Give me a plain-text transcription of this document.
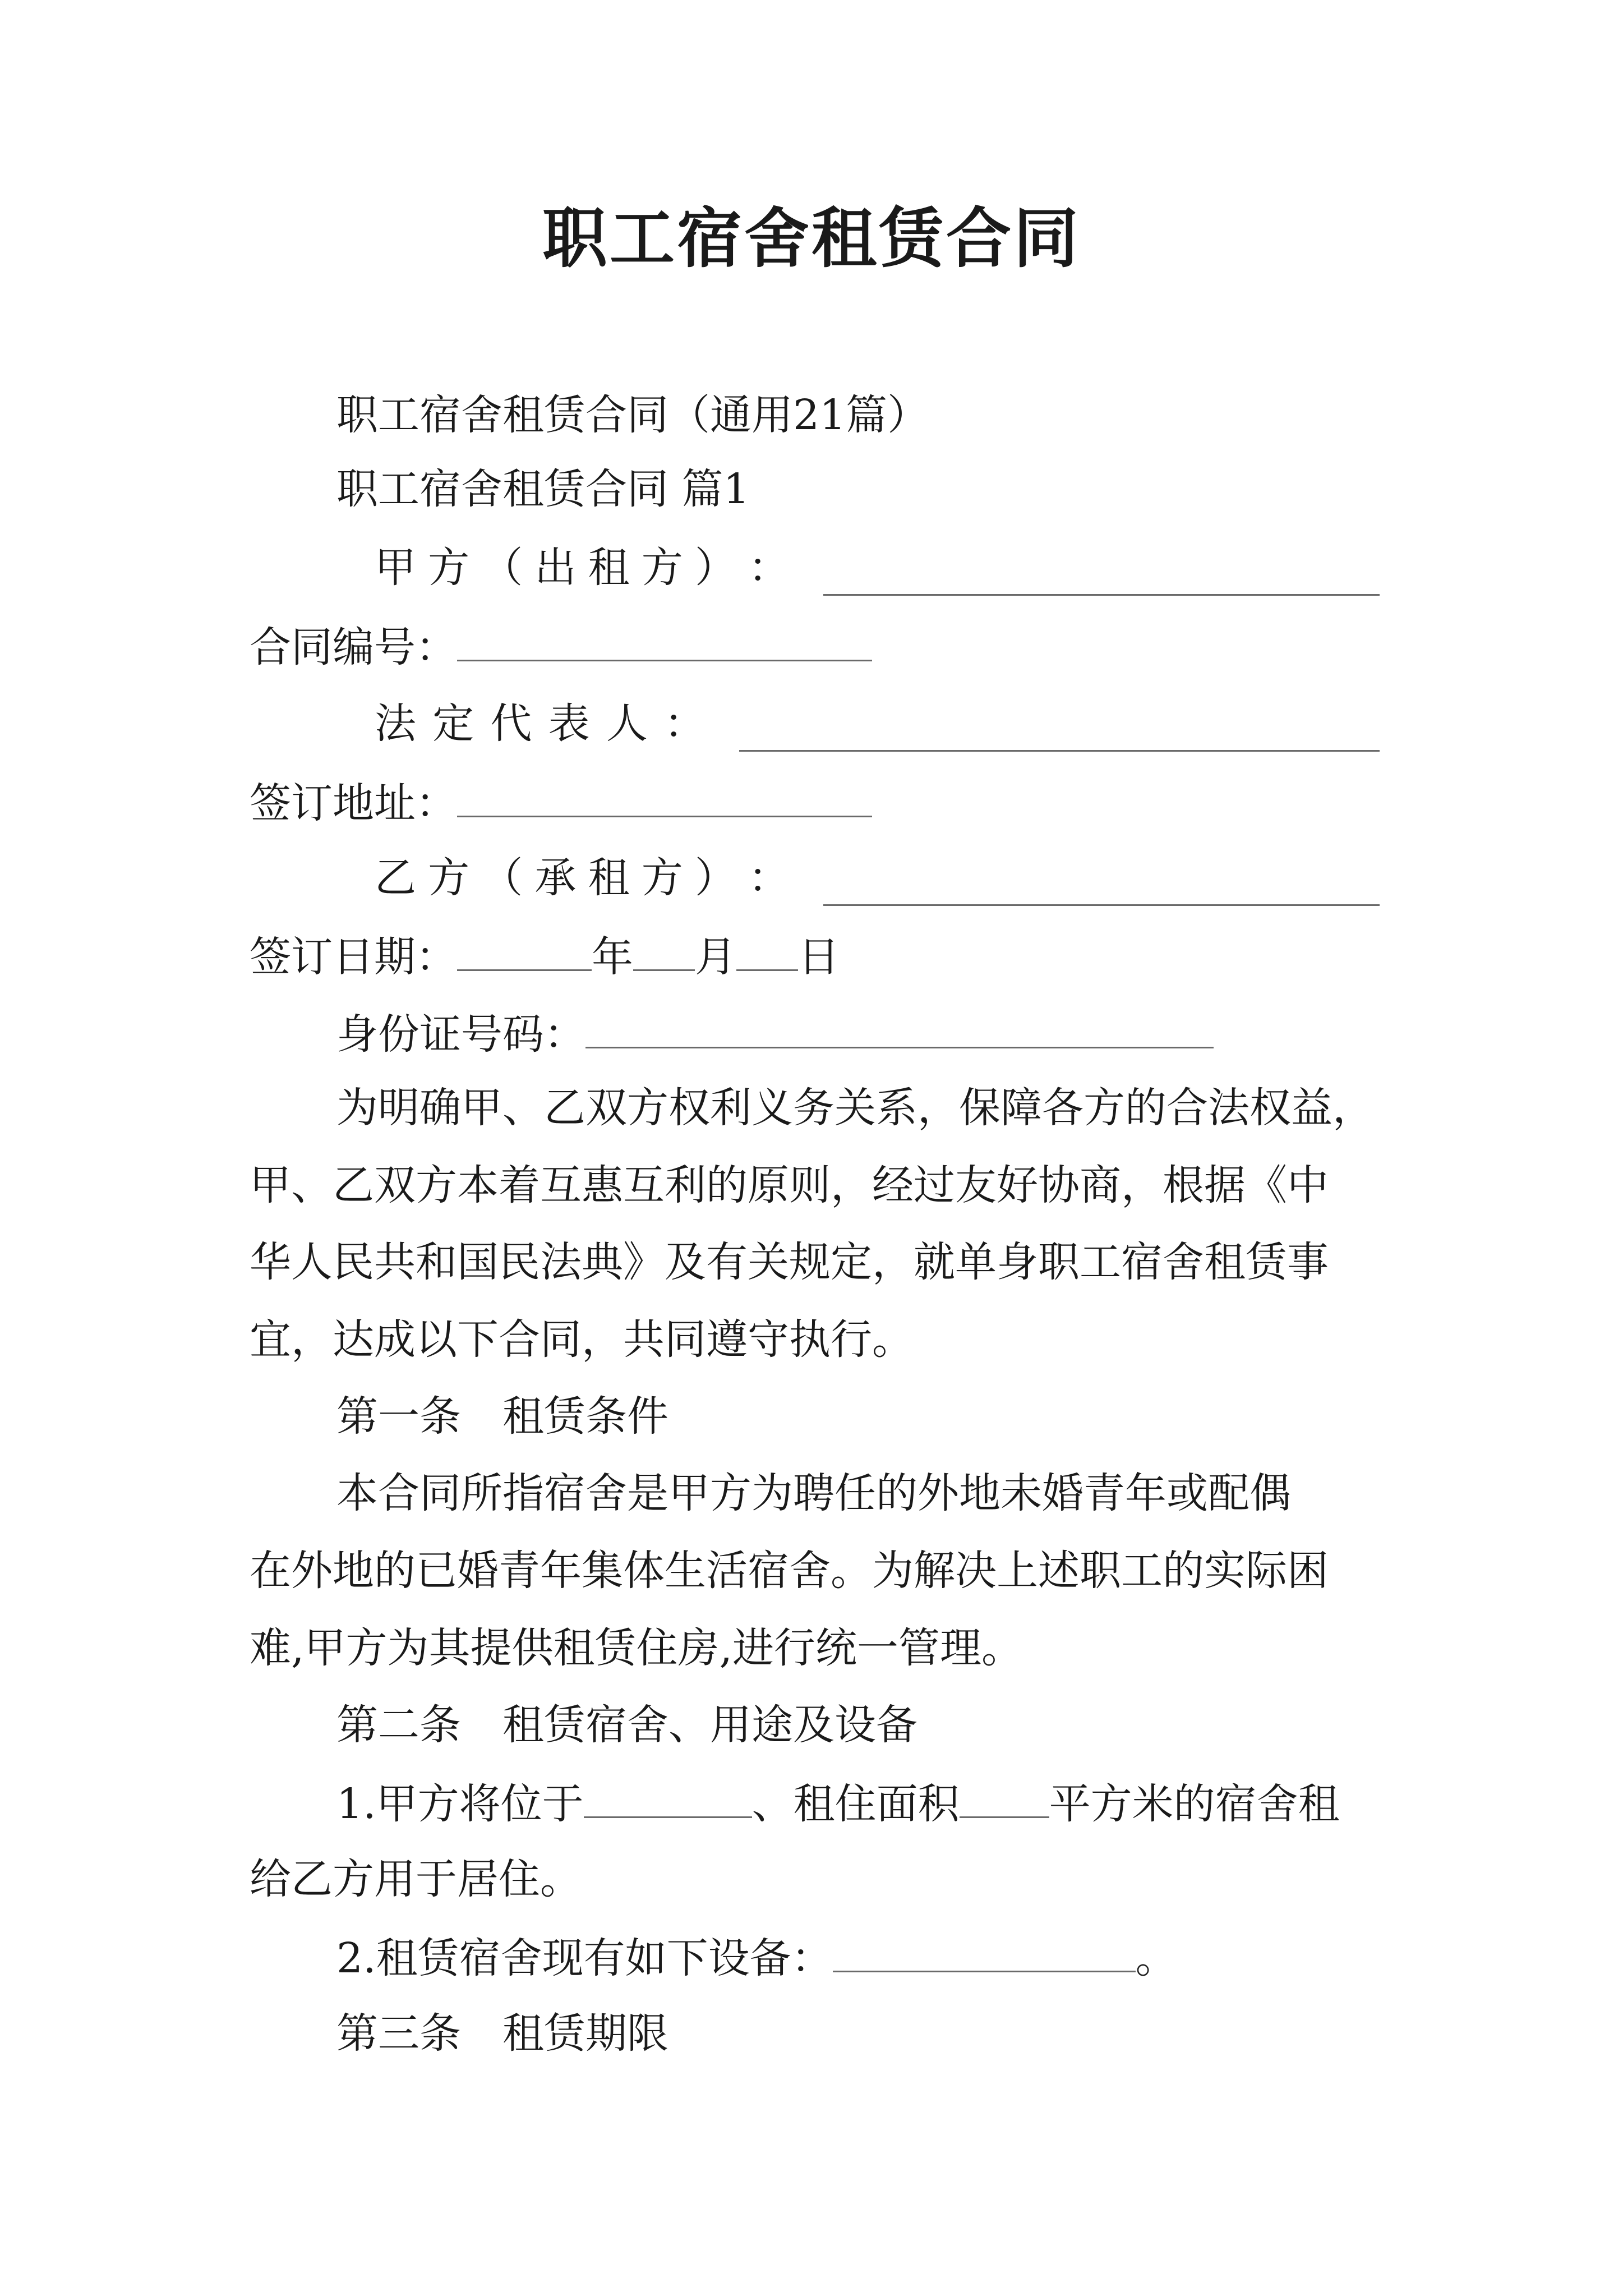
职工宿舍租赁合同

职工宿舍租赁合同（通用21篇）

职工宿舍租赁合同 篇1

甲 方 （ 出 租 方 ） ：

合同编号：

法 定 代 表 人 ：

签订地址：

乙 方 （ 承 租 方 ） ：

签订日期：	年 月 日

身份证号码：

为明确甲、乙双方权利义务关系，保障各方的合法权益，

甲、乙双方本着互惠互利的原则，经过友好协商，根据《中

华人民共和国民法典》及有关规定，就单身职工宿舍租赁事

宜，达成以下合同，共同遵守执行。

第一条　租赁条件

本合同所指宿舍是甲方为聘任的外地未婚青年或配偶

在外地的已婚青年集体生活宿舍。为解决上述职工的实际困

难,甲方为其提供租赁住房,进行统一管理。

第二条　租赁宿舍、用途及设备

1.甲方将位于	、租住面积 平方米的宿舍租

给乙方用于居住。

2.租赁宿舍现有如下设备：	。

第三条　租赁期限
